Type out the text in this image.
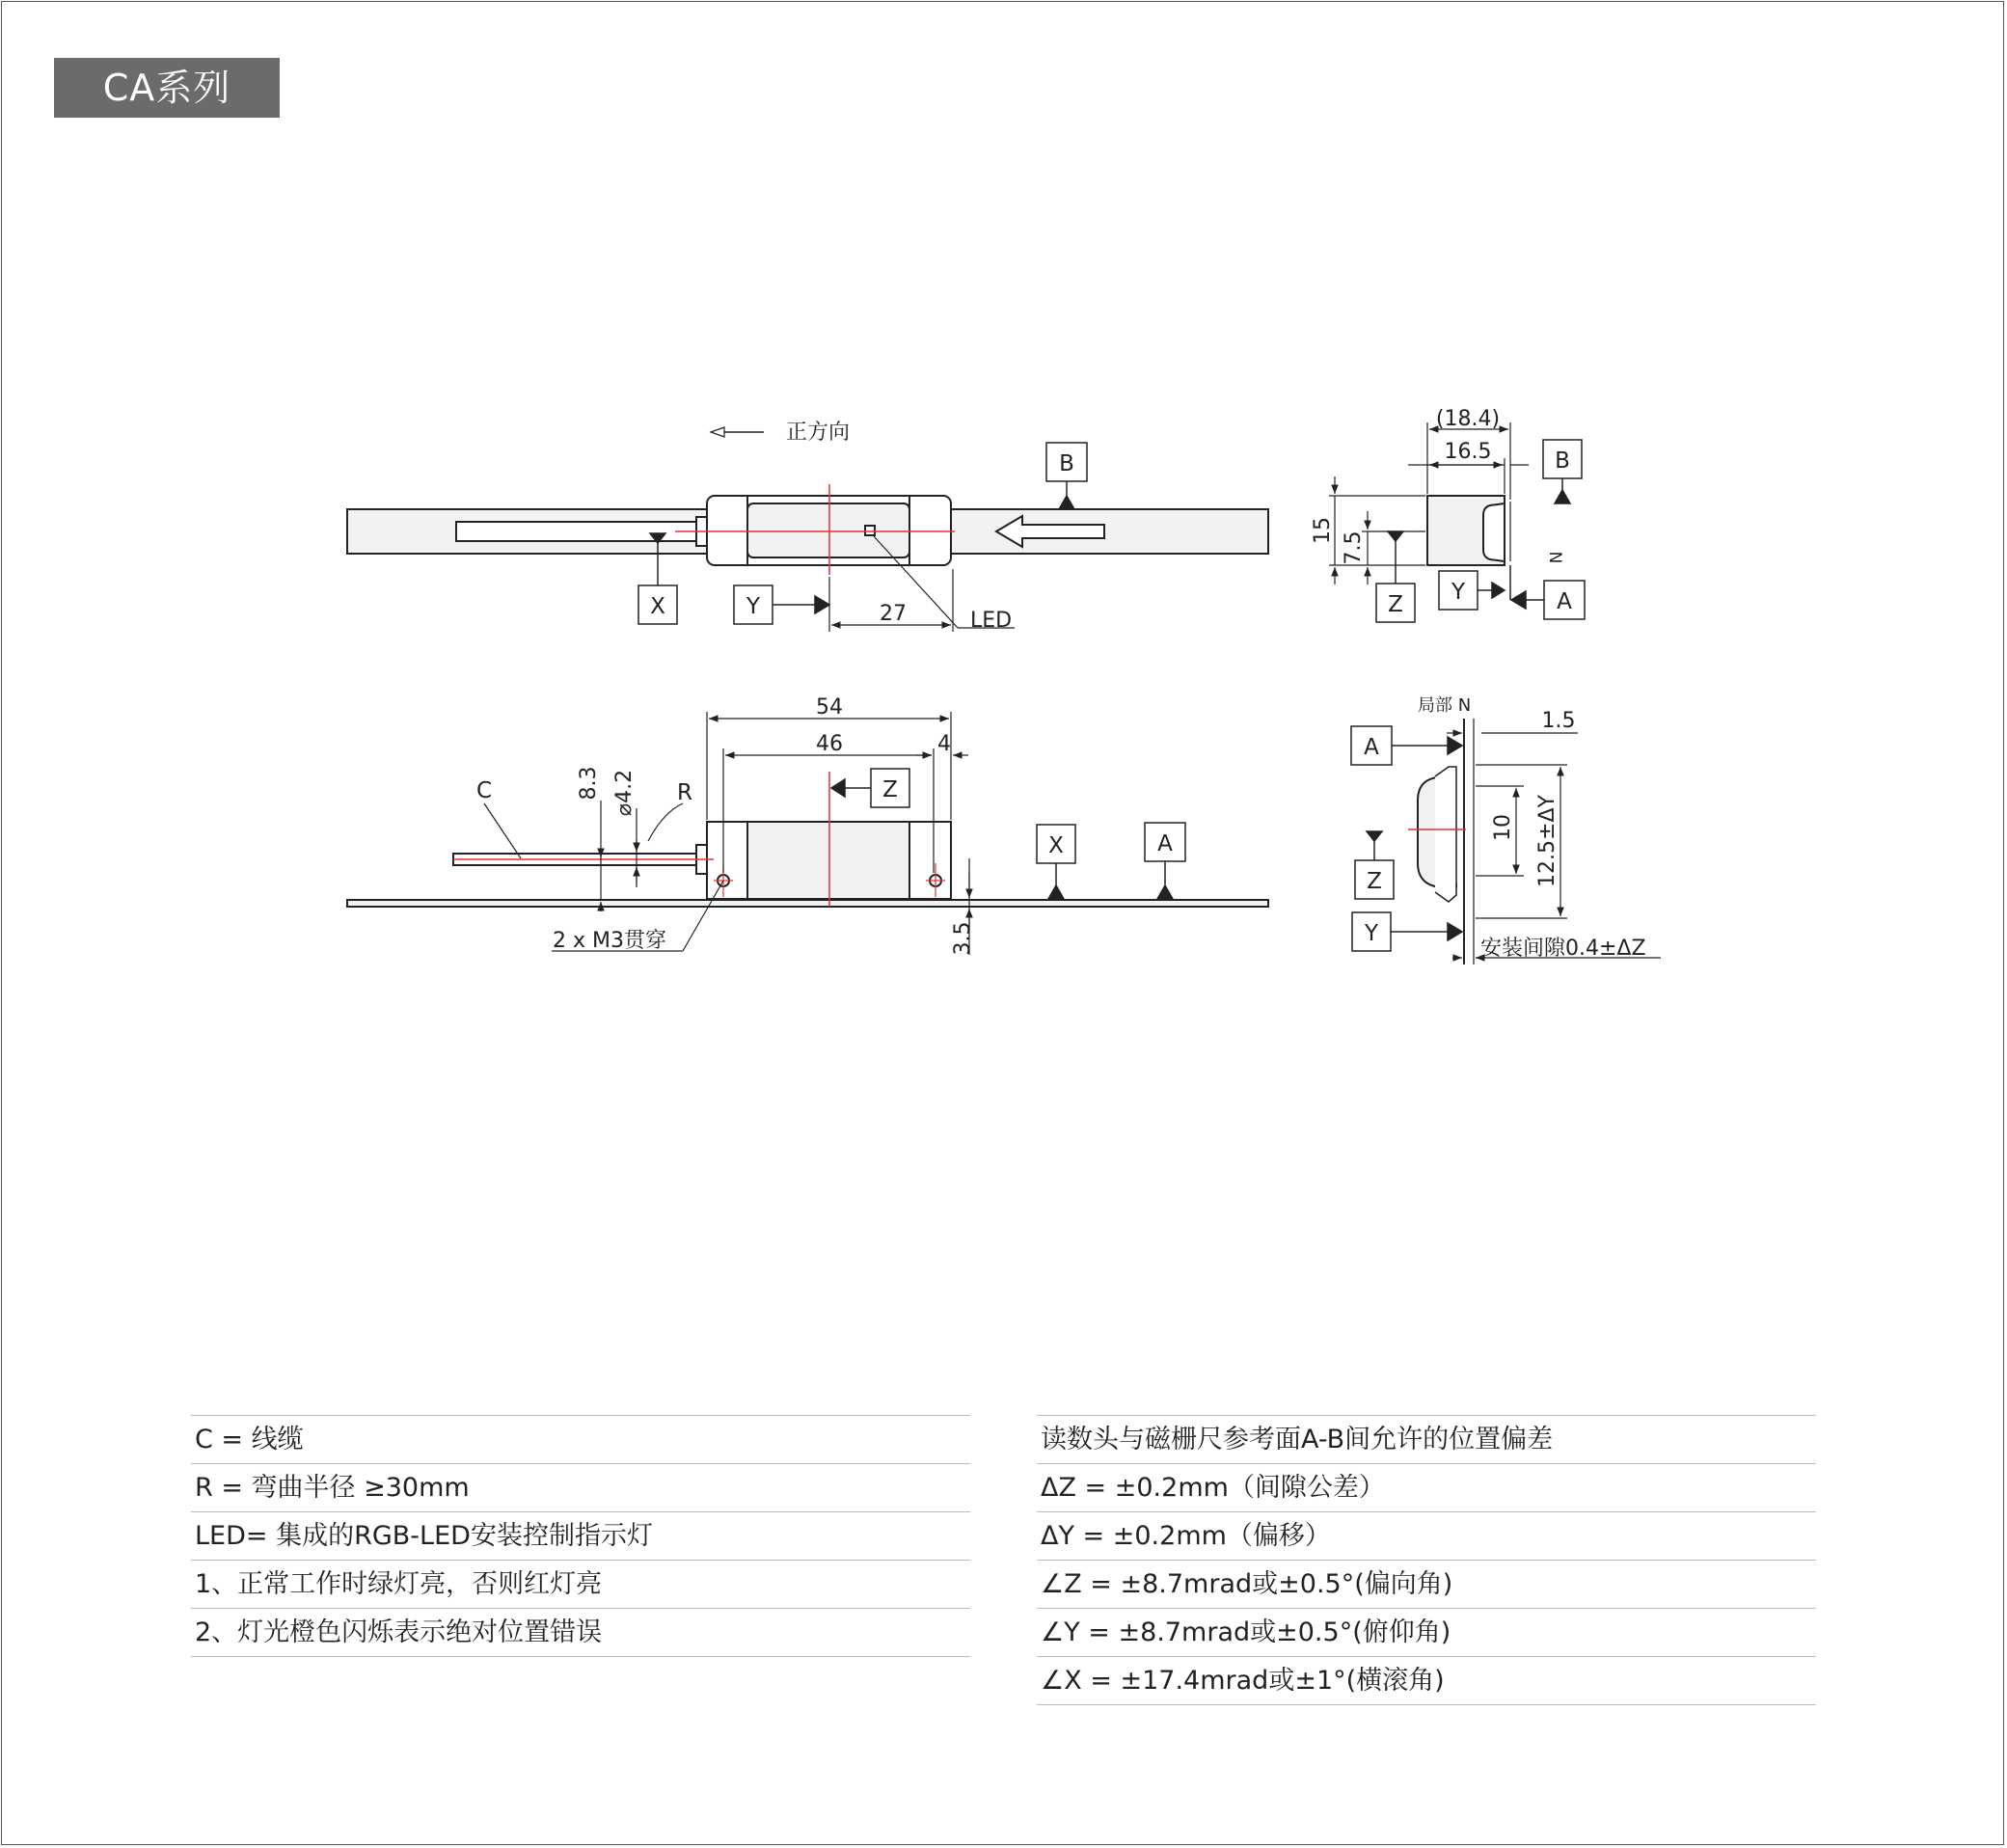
CA系列
正方向
B
X	Y	27	LED
54
46	4
Z
8.3 ⌀4.2
C	R
2 x M3贯穿	3.5
X	A
(18.4)
16.5	B
15
7.5
Z Y	A
N
局部 N
1.5
A
Z
Y
10 12.5±ΔY
安装间隙0.4±ΔZ
C = 线缆
R = 弯曲半径 ≥30mm
LED= 集成的RGB-LED安装控制指示灯
1、正常工作时绿灯亮，否则红灯亮
2、灯光橙色闪烁表示绝对位置错误
读数头与磁栅尺参考面A-B间允许的位置偏差
ΔZ = ±0.2mm（间隙公差）
ΔY = ±0.2mm（偏移）
∠Z = ±8.7mrad或±0.5°(偏向角)
∠Y = ±8.7mrad或±0.5°(俯仰角)
∠X = ±17.4mrad或±1°(横滚角)
